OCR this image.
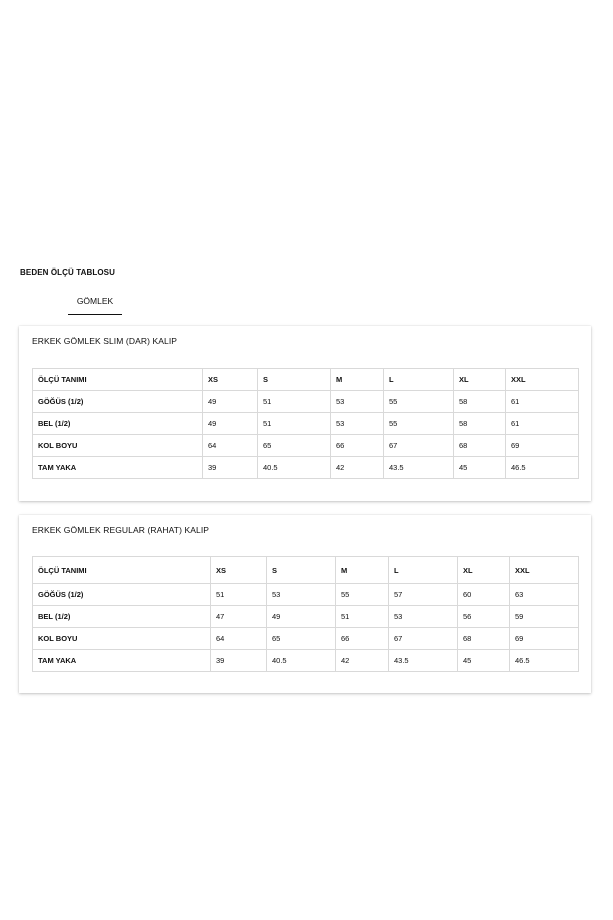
BEDEN ÖLÇÜ TABLOSU
GÖMLEK
ERKEK GÖMLEK SLIM (DAR) KALIP
ÖLÇÜ TANIMI	XS	S	M	L	XL	XXL
GÖĞÜS (1/2)	49	51	53	55	58	61
BEL (1/2)	49	51	53	55	58	61
KOL BOYU	64	65	66	67	68	69
TAM YAKA	39	40.5	42	43.5	45	46.5
ERKEK GÖMLEK REGULAR (RAHAT) KALIP
ÖLÇÜ TANIMI	XS	S	M	L	XL	XXL
GÖĞÜS (1/2)	51	53	55	57	60	63
BEL (1/2)	47	49	51	53	56	59
KOL BOYU	64	65	66	67	68	69
TAM YAKA	39	40.5	42	43.5	45	46.5
